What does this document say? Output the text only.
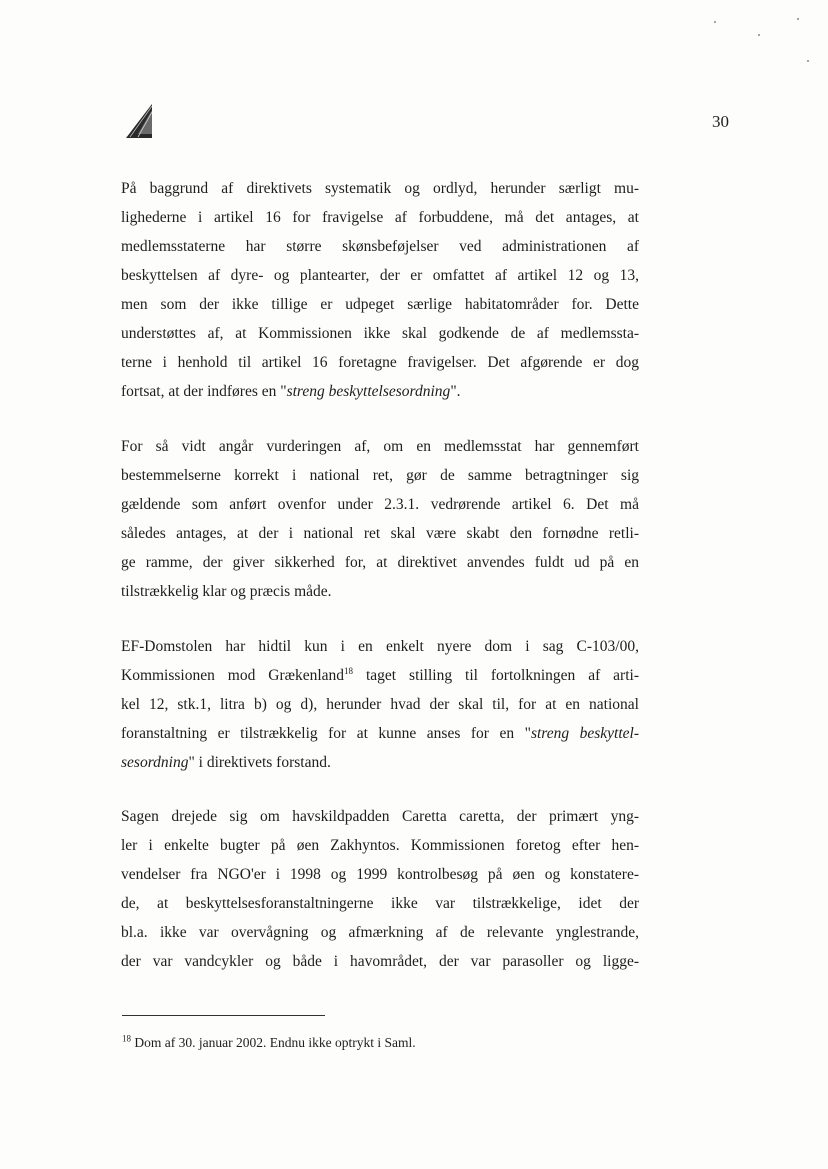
30
På baggrund af direktivets systematik og ordlyd, herunder særligt mu-
lighederne i artikel 16 for fravigelse af forbuddene, må det antages, at
medlemsstaterne har større skønsbeføjelser ved administrationen af
beskyttelsen af dyre- og plantearter, der er omfattet af artikel 12 og 13,
men som der ikke tillige er udpeget særlige habitatområder for. Dette
understøttes af, at Kommissionen ikke skal godkende de af medlemssta-
terne i henhold til artikel 16 foretagne fravigelser. Det afgørende er dog
fortsat, at der indføres en "streng beskyttelsesordning".
For så vidt angår vurderingen af, om en medlemsstat har gennemført
bestemmelserne korrekt i national ret, gør de samme betragtninger sig
gældende som anført ovenfor under 2.3.1. vedrørende artikel 6. Det må
således antages, at der i national ret skal være skabt den fornødne retli-
ge ramme, der giver sikkerhed for, at direktivet anvendes fuldt ud på en
tilstrækkelig klar og præcis måde.
EF-Domstolen har hidtil kun i en enkelt nyere dom i sag C-103/00,
Kommissionen mod Grækenland$^{18}$ taget stilling til fortolkningen af arti-
kel 12, stk.1, litra b) og d), herunder hvad der skal til, for at en national
foranstaltning er tilstrækkelig for at kunne anses for en "streng beskyttel-
sesordning" i direktivets forstand.
Sagen drejede sig om havskildpadden Caretta caretta, der primært yng-
ler i enkelte bugter på øen Zakhyntos. Kommissionen foretog efter hen-
vendelser fra NGO'er i 1998 og 1999 kontrolbesøg på øen og konstatere-
de, at beskyttelsesforanstaltningerne ikke var tilstrækkelige, idet der
bl.a. ikke var overvågning og afmærkning af de relevante ynglestrande,
der var vandcykler og både i havområdet, der var parasoller og ligge-
$^{18}$ Dom af 30. januar 2002. Endnu ikke optrykt i Saml.
